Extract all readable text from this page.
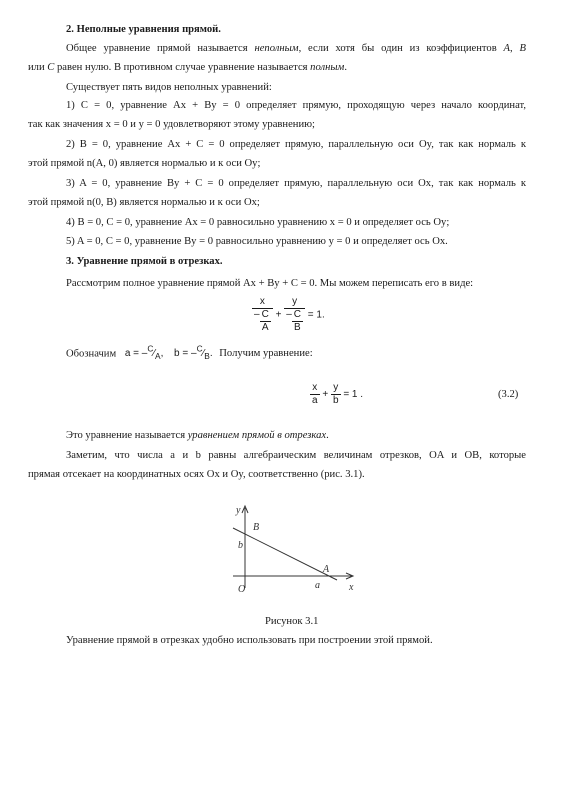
2. Неполные уравнения прямой.
Общее уравнение прямой называется неполным, если хотя бы один из коэффициентов A, B
или C равен нулю. В противном случае уравнение называется полным.
Существует пять видов неполных уравнений:
1) C = 0, уравнение Ax + By = 0 определяет прямую, проходящую через начало координат,
так как значения x = 0 и y = 0 удовлетворяют этому уравнению;
2) B = 0, уравнение Ax + C = 0 определяет прямую, параллельную оси Oy, так как нормаль к
этой прямой n(A, 0) является нормалью и к оси Oy;
3) A = 0, уравнение By + C = 0 определяет прямую, параллельную оси Ox, так как нормаль к
этой прямой n(0, B) является нормалью и к оси Ox;
4) B = 0, C = 0, уравнение Ax = 0 равносильно уравнению x = 0 и определяет ось Oy;
5) A = 0, C = 0, уравнение By = 0 равносильно уравнению y = 0 и определяет ось Ox.
3. Уравнение прямой в отрезках.
Рассмотрим полное уравнение прямой Ax + By + C = 0. Мы можем переписать его в виде:
$\frac{x}{- \frac{C}{A}} + \frac{y}{- \frac{C}{B}} = 1$.
Обозначим $a = -^C⁄_A$, $b = -^C⁄_B$. Получим уравнение:
$\frac{x}{a} + \frac{y}{b} = 1$ .	(3.2)
Это уравнение называется уравнением прямой в отрезках.
Заметим, что числа a и b равны алгебраическим величинам отрезков, OA и OB, которые
прямая отсекает на координатных осях Ox и Oy, соответственно (рис. 3.1).
y
B
b
O
A
a	x
Рисунок 3.1
Уравнение прямой в отрезках удобно использовать при построении этой прямой.
